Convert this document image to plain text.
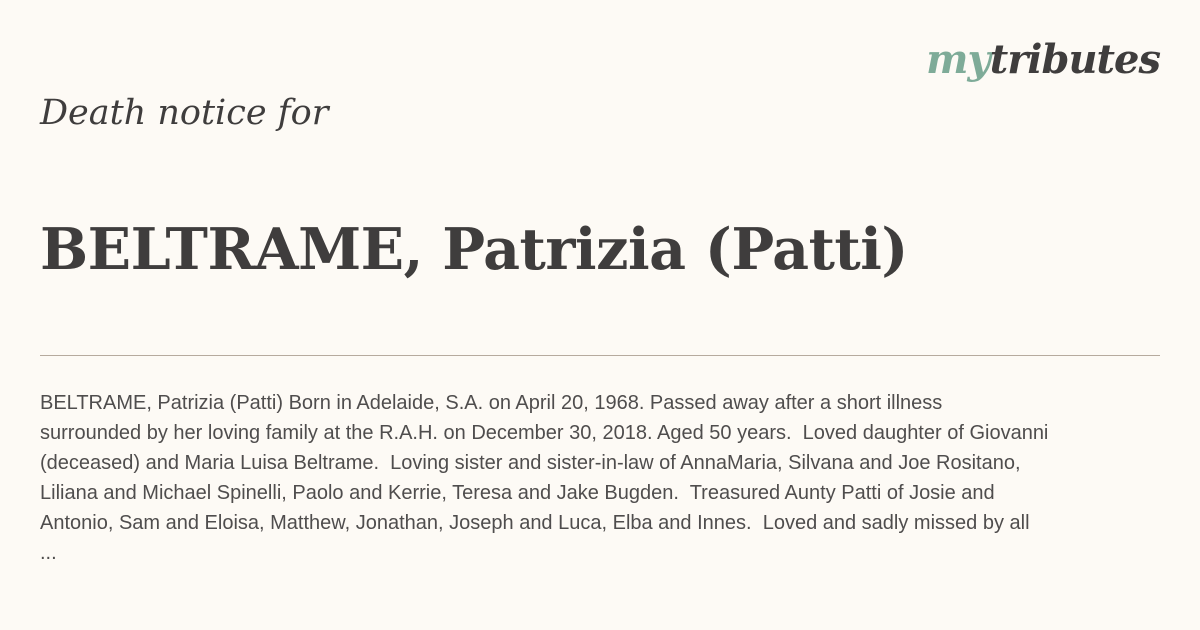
mytributes
Death notice for
BELTRAME, Patrizia (Patti)
BELTRAME, Patrizia (Patti) Born in Adelaide, S.A. on April 20, 1968. Passed away after a short illness
surrounded by her loving family at the R.A.H. on December 30, 2018. Aged 50 years.  Loved daughter of Giovanni
(deceased) and Maria Luisa Beltrame.  Loving sister and sister-in-law of AnnaMaria, Silvana and Joe Rositano,
Liliana and Michael Spinelli, Paolo and Kerrie, Teresa and Jake Bugden.  Treasured Aunty Patti of Josie and
Antonio, Sam and Eloisa, Matthew, Jonathan, Joseph and Luca, Elba and Innes.  Loved and sadly missed by all
...
